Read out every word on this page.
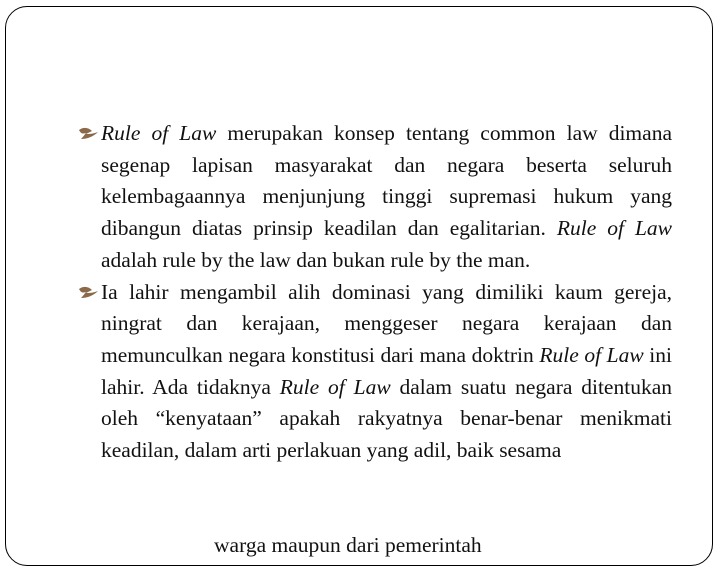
Rule of Law merupakan konsep tentang common law dimana segenap lapisan masyarakat dan negara beserta seluruh kelembagaannya menjunjung tinggi supremasi hukum yang dibangun diatas prinsip keadilan dan egalitarian. Rule of Law adalah rule by the law dan bukan rule by the man.
Ia lahir mengambil alih dominasi yang dimiliki kaum gereja, ningrat dan kerajaan, menggeser negara kerajaan dan memunculkan negara konstitusi dari mana doktrin Rule of Law ini lahir. Ada tidaknya Rule of Law dalam suatu negara ditentukan oleh “kenyataan” apakah rakyatnya benar-benar menikmati keadilan, dalam arti perlakuan yang adil, baik sesama
warga maupun dari pemerintah
